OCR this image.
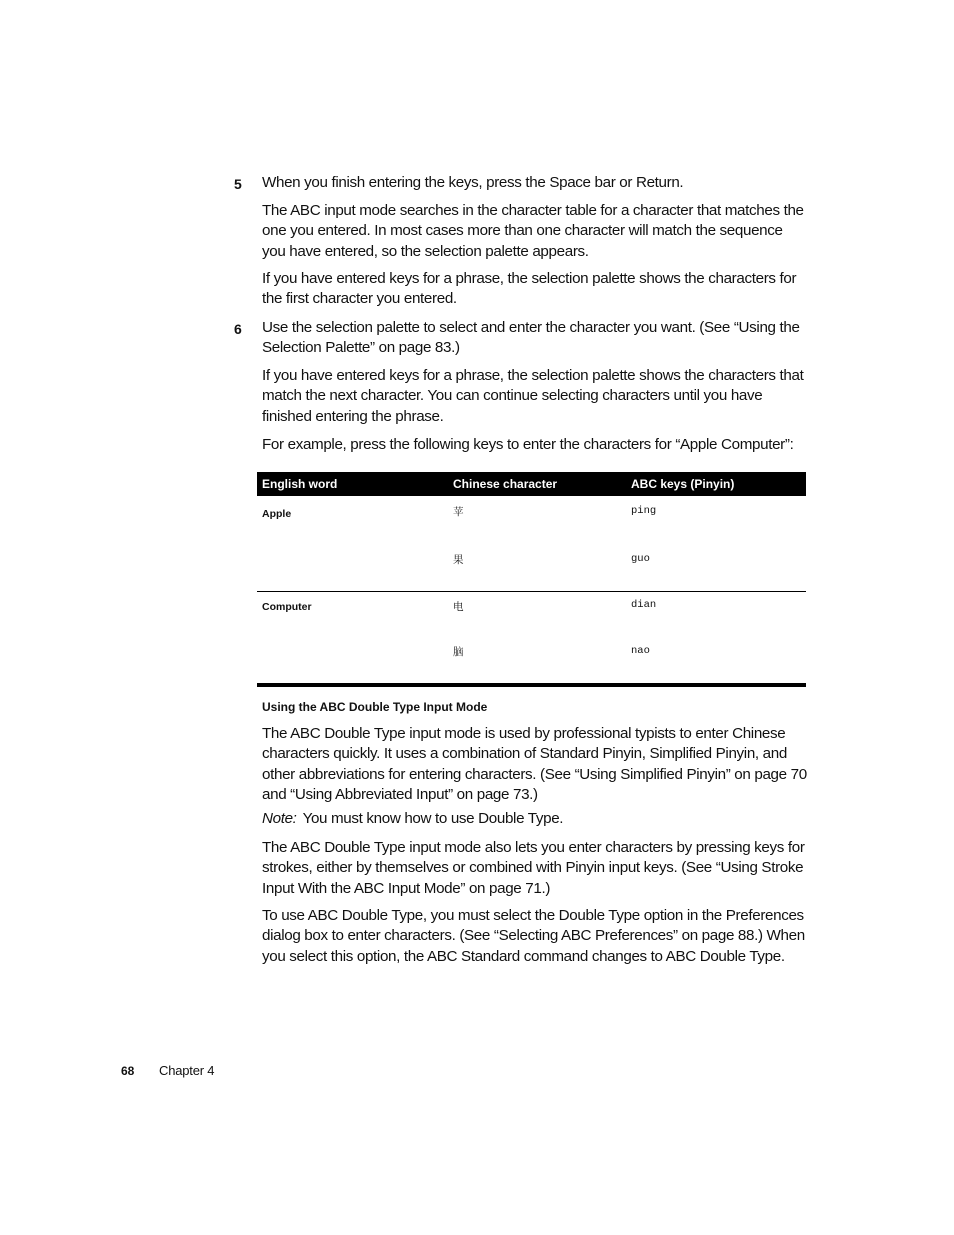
5 When you finish entering the keys, press the Space bar or Return.
The ABC input mode searches in the character table for a character that matches the one you entered. In most cases more than one character will match the sequence you have entered, so the selection palette appears.
If you have entered keys for a phrase, the selection palette shows the characters for the first character you entered.
6 Use the selection palette to select and enter the character you want. (See “Using the Selection Palette” on page 83.)
If you have entered keys for a phrase, the selection palette shows the characters that match the next character. You can continue selecting characters until you have finished entering the phrase.
For example, press the following keys to enter the characters for “Apple Computer”:
English word	Chinese character	ABC keys (Pinyin)
Apple	苹	ping
	果	guo
Computer	电	dian
	脑	nao
Using the ABC Double Type Input Mode
The ABC Double Type input mode is used by professional typists to enter Chinese characters quickly. It uses a combination of Standard Pinyin, Simplified Pinyin, and other abbreviations for entering characters. (See “Using Simplified Pinyin” on page 70 and “Using Abbreviated Input” on page 73.)
Note: You must know how to use Double Type.
The ABC Double Type input mode also lets you enter characters by pressing keys for strokes, either by themselves or combined with Pinyin input keys. (See “Using Stroke Input With the ABC Input Mode” on page 71.)
To use ABC Double Type, you must select the Double Type option in the Preferences dialog box to enter characters. (See “Selecting ABC Preferences” on page 88.) When you select this option, the ABC Standard command changes to ABC Double Type.
68 Chapter 4
